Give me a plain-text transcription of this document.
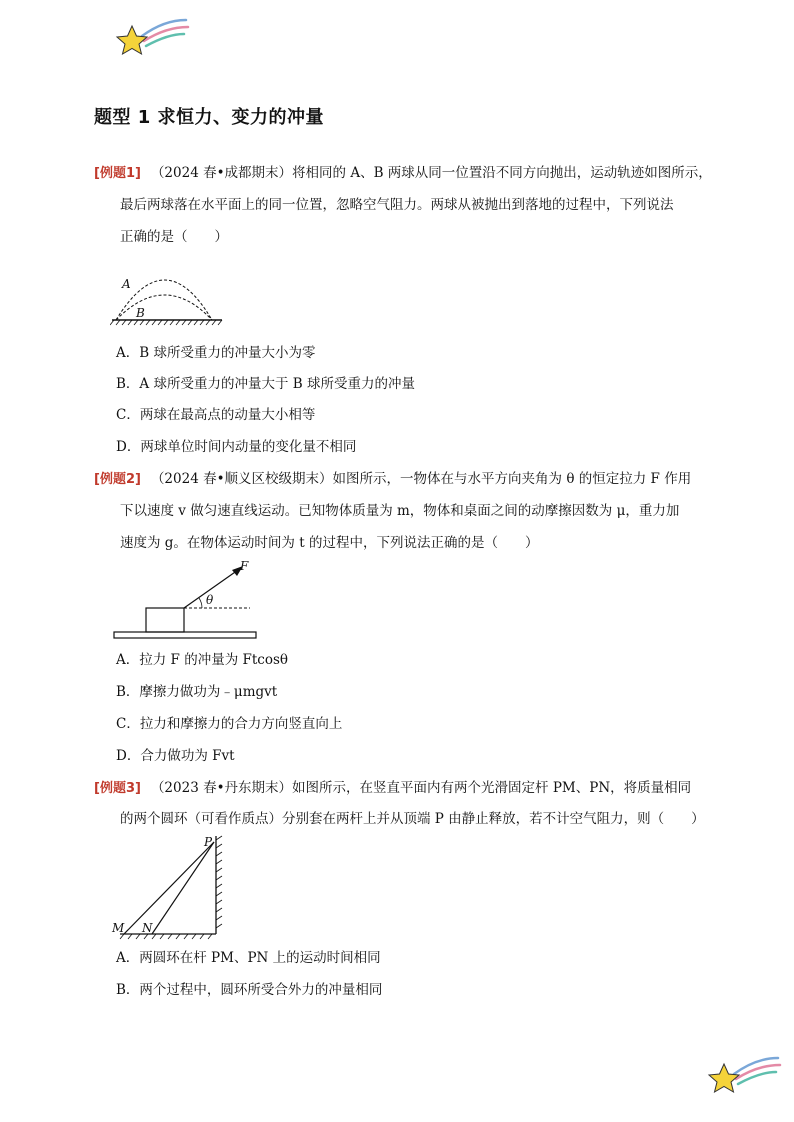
题型 1 求恒力、变力的冲量
[例题1] （2024 春•成都期末）将相同的 A、B 两球从同一位置沿不同方向抛出，运动轨迹如图所示，
最后两球落在水平面上的同一位置，忽略空气阻力。两球从被抛出到落地的过程中，下列说法
正确的是（　　）
A
B
A．B 球所受重力的冲量大小为零
B．A 球所受重力的冲量大于 B 球所受重力的冲量
C．两球在最高点的动量大小相等
D．两球单位时间内动量的变化量不相同
[例题2] （2024 春•顺义区校级期末）如图所示，一物体在与水平方向夹角为 θ 的恒定拉力 F 作用
下以速度 v 做匀速直线运动。已知物体质量为 m，物体和桌面之间的动摩擦因数为 μ，重力加
速度为 g。在物体运动时间为 t 的过程中，下列说法正确的是（　　）
θ
F
A．拉力 F 的冲量为 Ftcosθ
B．摩擦力做功为﹣μmgvt
C．拉力和摩擦力的合力方向竖直向上
D．合力做功为 Fvt
[例题3] （2023 春•丹东期末）如图所示，在竖直平面内有两个光滑固定杆 PM、PN，将质量相同
的两个圆环（可看作质点）分别套在两杆上并从顶端 P 由静止释放，若不计空气阻力，则（　　）
P
M N
A．两圆环在杆 PM、PN 上的运动时间相同
B．两个过程中，圆环所受合外力的冲量相同
